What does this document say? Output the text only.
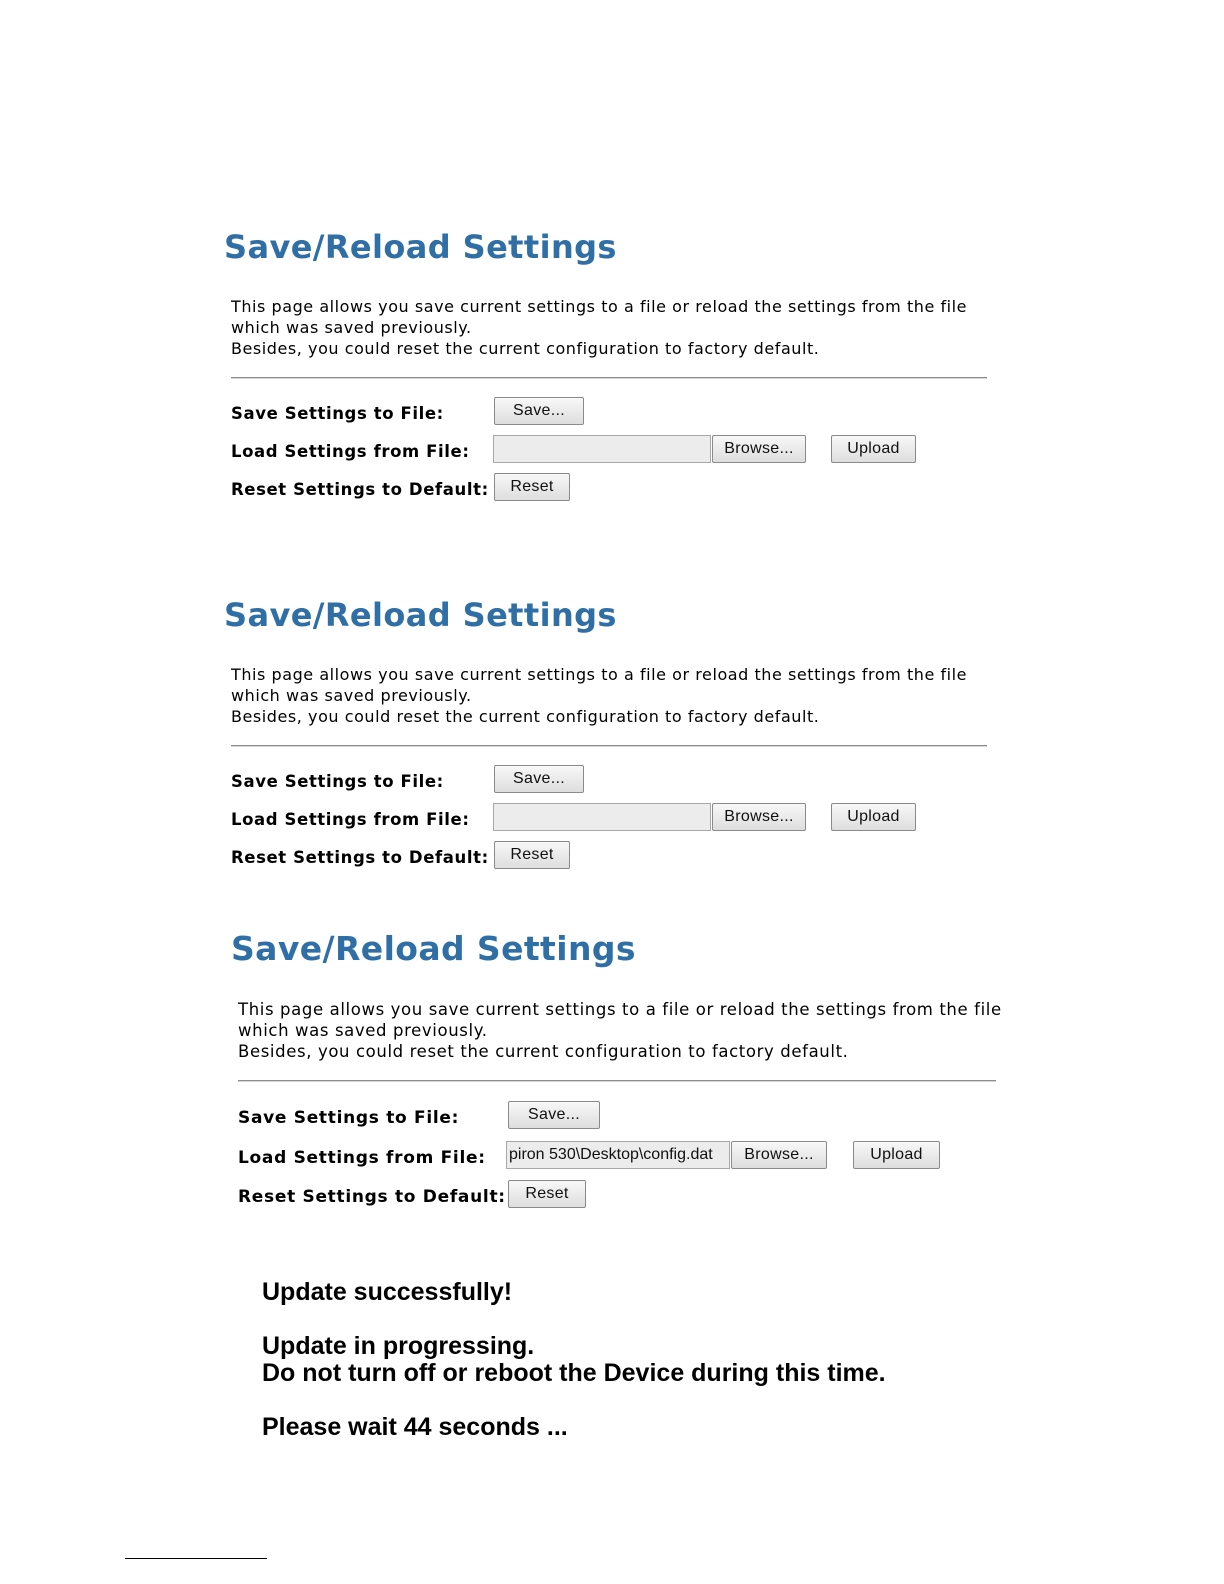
Save/Reload Settings
This page allows you save current settings to a file or reload the settings from the file
which was saved previously.
Besides, you could reset the current configuration to factory default.
Save Settings to File:	Save...
Load Settings from File:	Browse...	Upload
Reset Settings to Default:	Reset
Save/Reload Settings
This page allows you save current settings to a file or reload the settings from the file
which was saved previously.
Besides, you could reset the current configuration to factory default.
Save Settings to File:	Save...
Load Settings from File:	Browse...	Upload
Reset Settings to Default:	Reset
Save/Reload Settings
This page allows you save current settings to a file or reload the settings from the file
which was saved previously.
Besides, you could reset the current configuration to factory default.
Save Settings to File:	Save...
Load Settings from File: piron 530\Desktop\config.dat	Browse...	Upload
Reset Settings to Default:	Reset
Update successfully!
Update in progressing.
Do not turn off or reboot the Device during this time.
Please wait 44 seconds ...
